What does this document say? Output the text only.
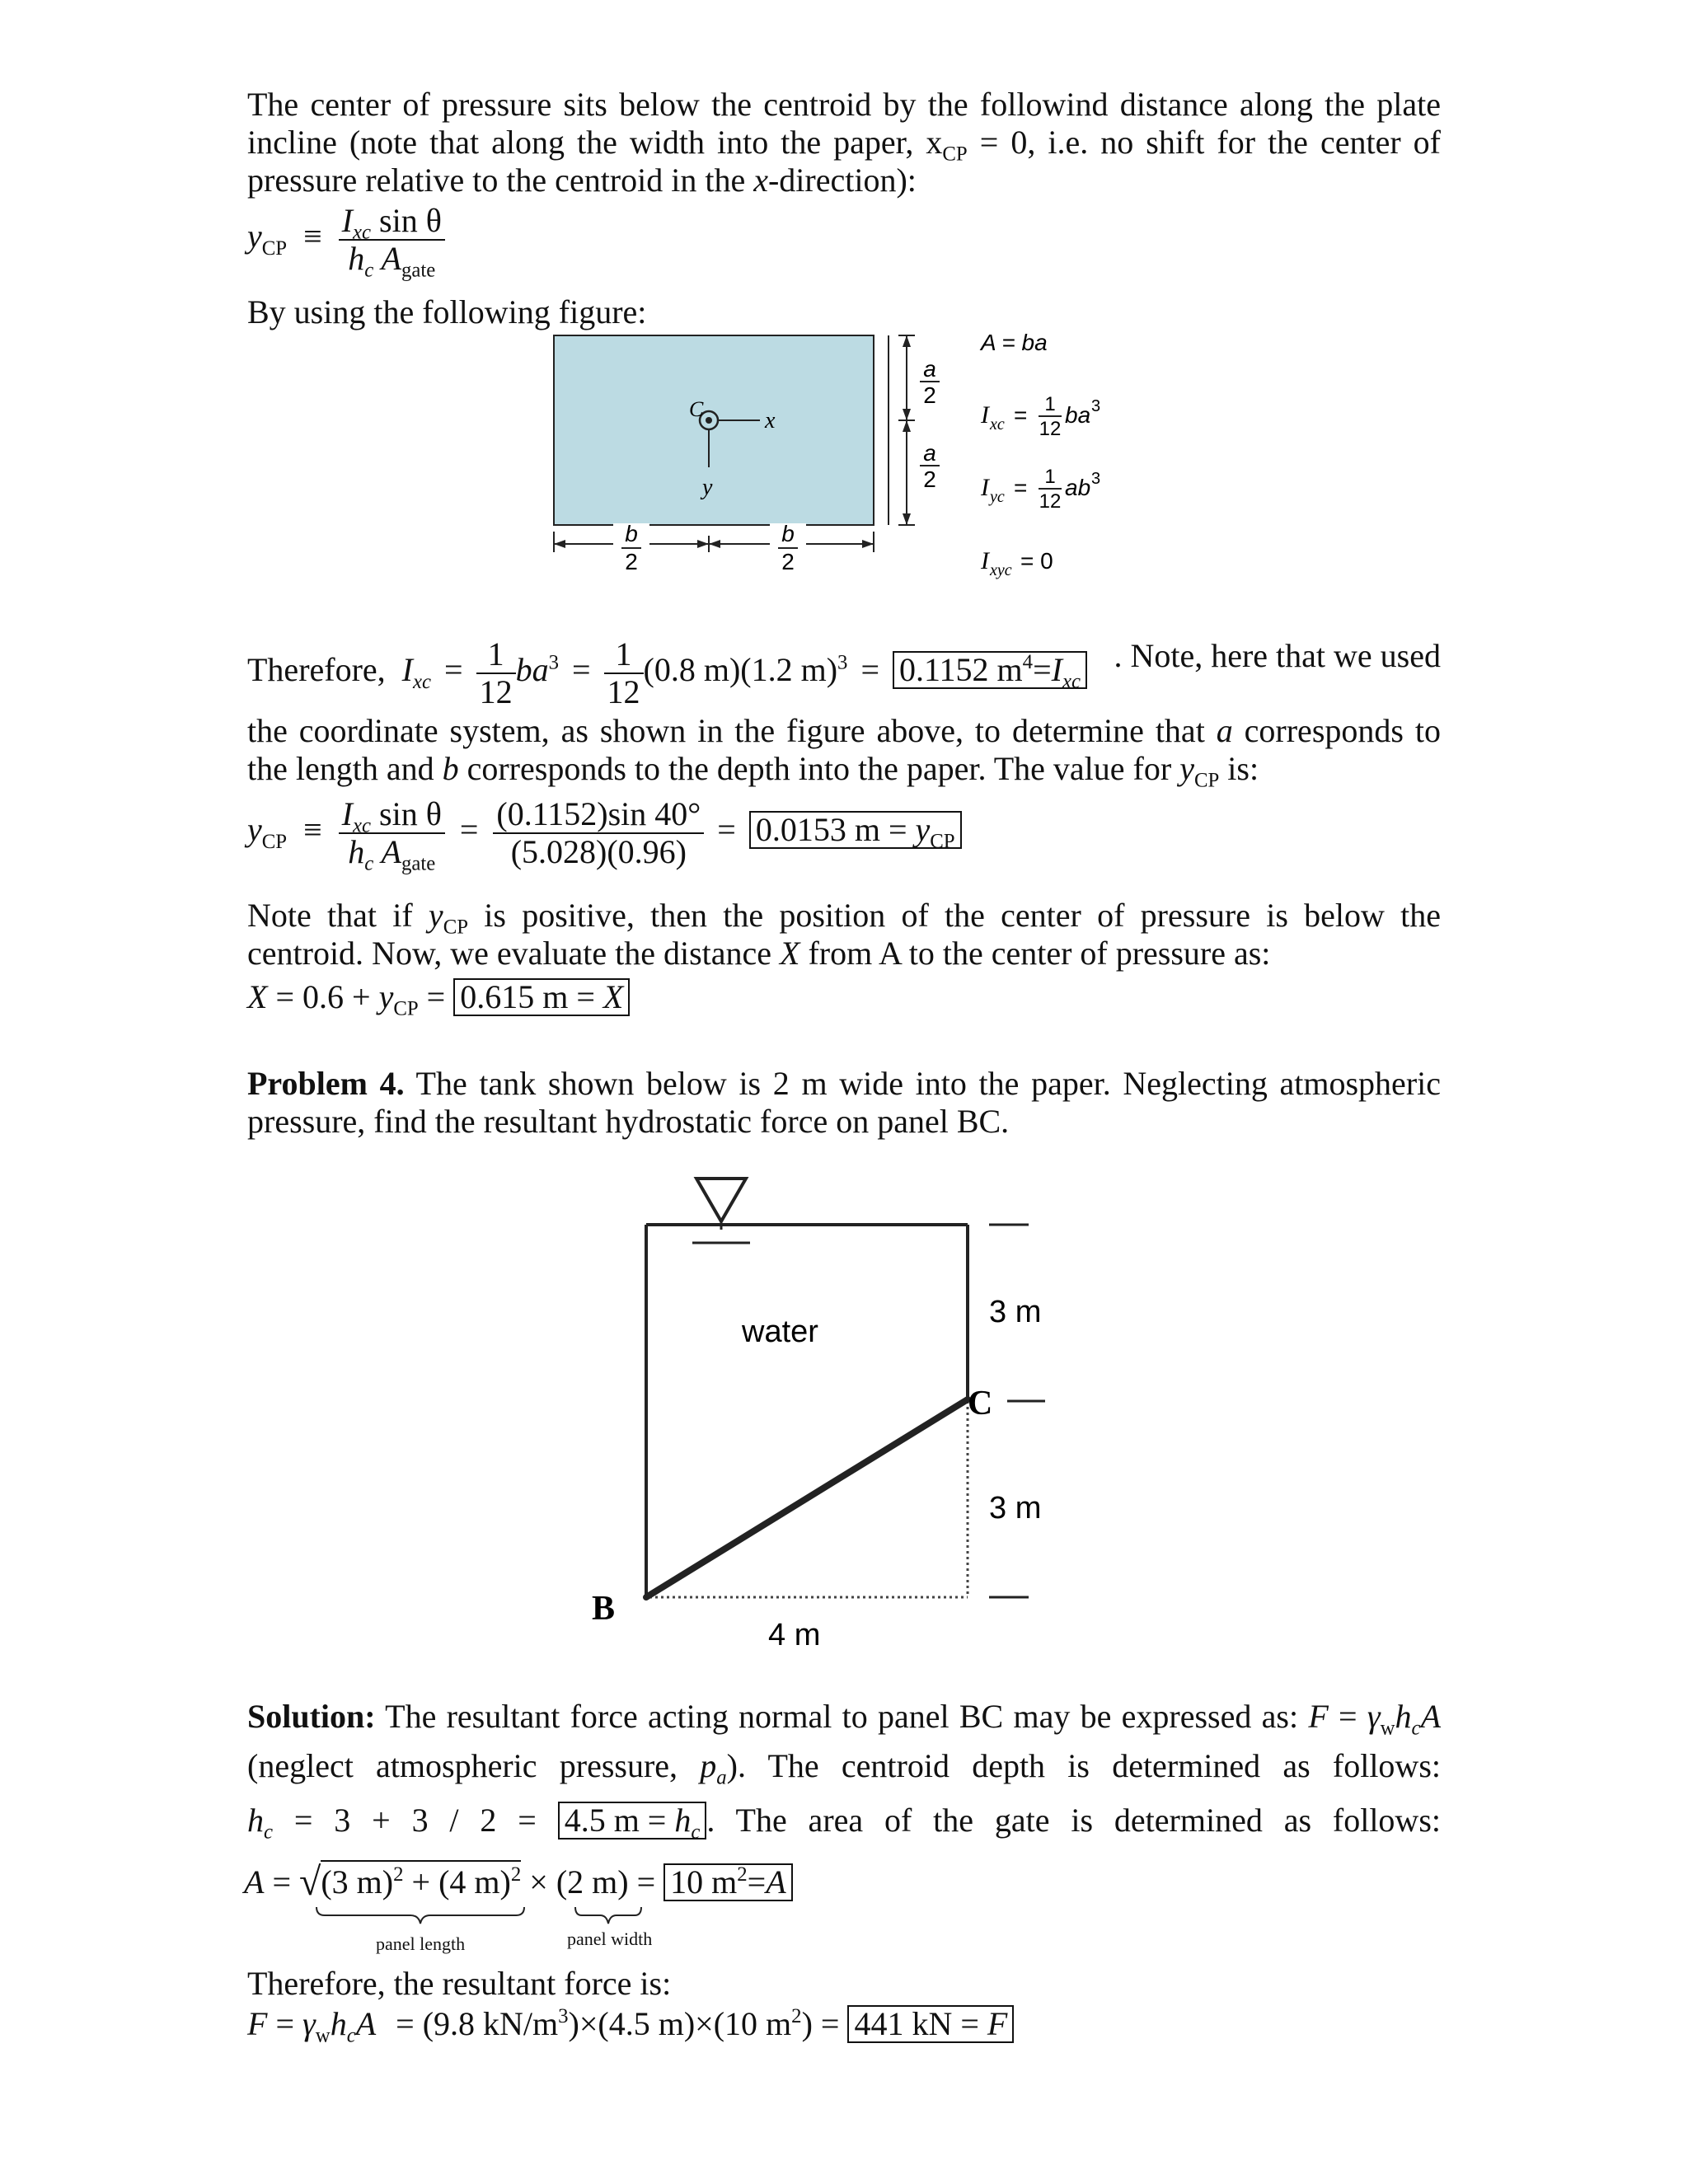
The center of pressure sits below the centroid by the followind distance along the plate
incline (note that along the width into the paper, $x_{CP} = 0$, i.e. no shift for the center of
pressure relative to the centroid in the x-direction):
$y_{CP} \equiv \frac{I_{xc} \sin \theta}{h_c A_{gate}}$
By using the following figure:
C	x
y
a
2
a
2
b
2
b
2
A = ba
I xc = 1
12
ba 3
I yc = 1
12
ab 3
I xyc = 0
Therefore, $I_{xc} = \frac{1}{12} ba^3 = \frac{1}{12} (0.8$ m)(1.2 m)$^3$ = 0.1152 $m^4=I_{xc}$
. Note, here that we used
the coordinate system, as shown in the figure above, to determine that a corresponds to
the length and b corresponds to the depth into the paper. The value for $y_{CP}$ is:
$y_{CP} \equiv \frac{I_{xc} \sin \theta}{h_c A_{gate}} = \frac{(0.1152)\sin 40^\circ}{(5.028)(0.96)} = 0.0153$ $m = y_{CP}$
Note that if $y_{CP}$ is positive, then the position of the center of pressure is below the
centroid. Now, we evaluate the distance X from A to the center of pressure as:
$X = 0.6 + y_{CP} = 0.615$ m = X
Problem 4. The tank shown below is 2 m wide into the paper. Neglecting atmospheric
pressure, find the resultant hydrostatic force on panel BC.
water
C
B
3 m
3 m
4 m
Solution: The resultant force acting normal to panel BC may be expressed as: $F = \gamma_wh_cA$
(neglect atmospheric pressure, $p_a$). The centroid depth is determined as follows:
$h_c = 3 + 3 / 2 = 4.5$ $m = h_c$ . The area of the gate is determined as follows:
A = √(3 m)$^2$ + (4 m)$^2$ × (2 m) = 10 $m^2=A$
panel length	panel width
Therefore, the resultant force is:
$F = \gamma_wh_cA = (9.8$ $kN/m^3)\times(4.5$ m)×(10 $m^2) = 441$ kN = F
